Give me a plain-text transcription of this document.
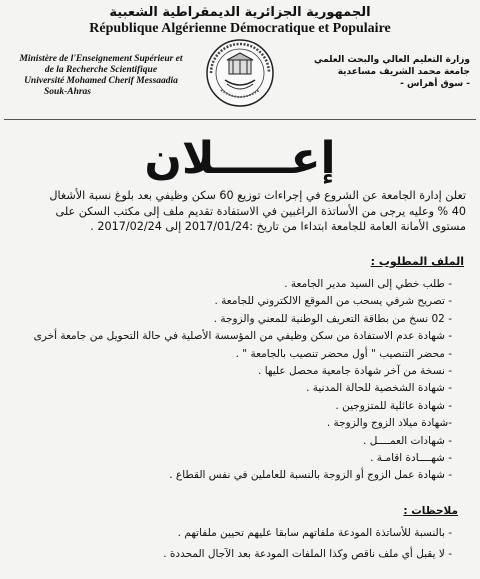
الجمهورية الجزائرية الديمقراطية الشعبية
République Algérienne Démocratique et Populaire
Ministère de l'Enseignement Supérieur et
de la Recherche Scientifique
Université Mohamed Cherif Messaadia
Souk-Ahras
وزارة التعليم العالي والبحث العلمي
جامعة محمد الشريف مساعدية
- سوق أهراس -
إعـــــلان

تعلن إدارة الجامعة عن الشروع في إجراءات توزيع 60 سكن وظيفي بعد بلوغ نسبة الأشغال

40 % وعليه يرجى من الأساتذة الراغبين في الاستفادة تقديم ملف إلى مكتب السكن على

مستوى الأمانة العامة للجامعة ابتداءا من تاريخ :2017/01/24 إلى 2017/02/24 .

الملف المطلوب :
- طلب خطي إلى السيد مدير الجامعة .
- تصريح شرفي يسحب من الموقع الالكتروني للجامعة .
- 02 نسخ من بطاقة التعريف الوطنية للمعني والزوجة .
- شهادة عدم الاستفادة من سكن وظيفي من المؤسسة الأصلية في حالة التحويل من جامعة أخرى
- محضر التنصيب " أول محضر تنصيب بالجامعة " .
- نسخة من آخر شهادة جامعية محصل عليها .
- شهادة الشخصية للحالة المدنية .
- شهادة عائلية للمتزوجين .
-شهادة ميلاد الزوج والزوجة .
- شهادات العمــــل .
- شهــــادة اقامـة .
- شهادة عمل الزوج أو الزوجة بالنسبة للعاملين في نفس القطاع .
ملاحظات :
- بالنسبة للأساتذة المودعة ملفاتهم سابقا عليهم تحيين ملفاتهم .
- لا يقبل أي ملف ناقص وكذا الملفات المودعة بعد الآجال المحددة .
